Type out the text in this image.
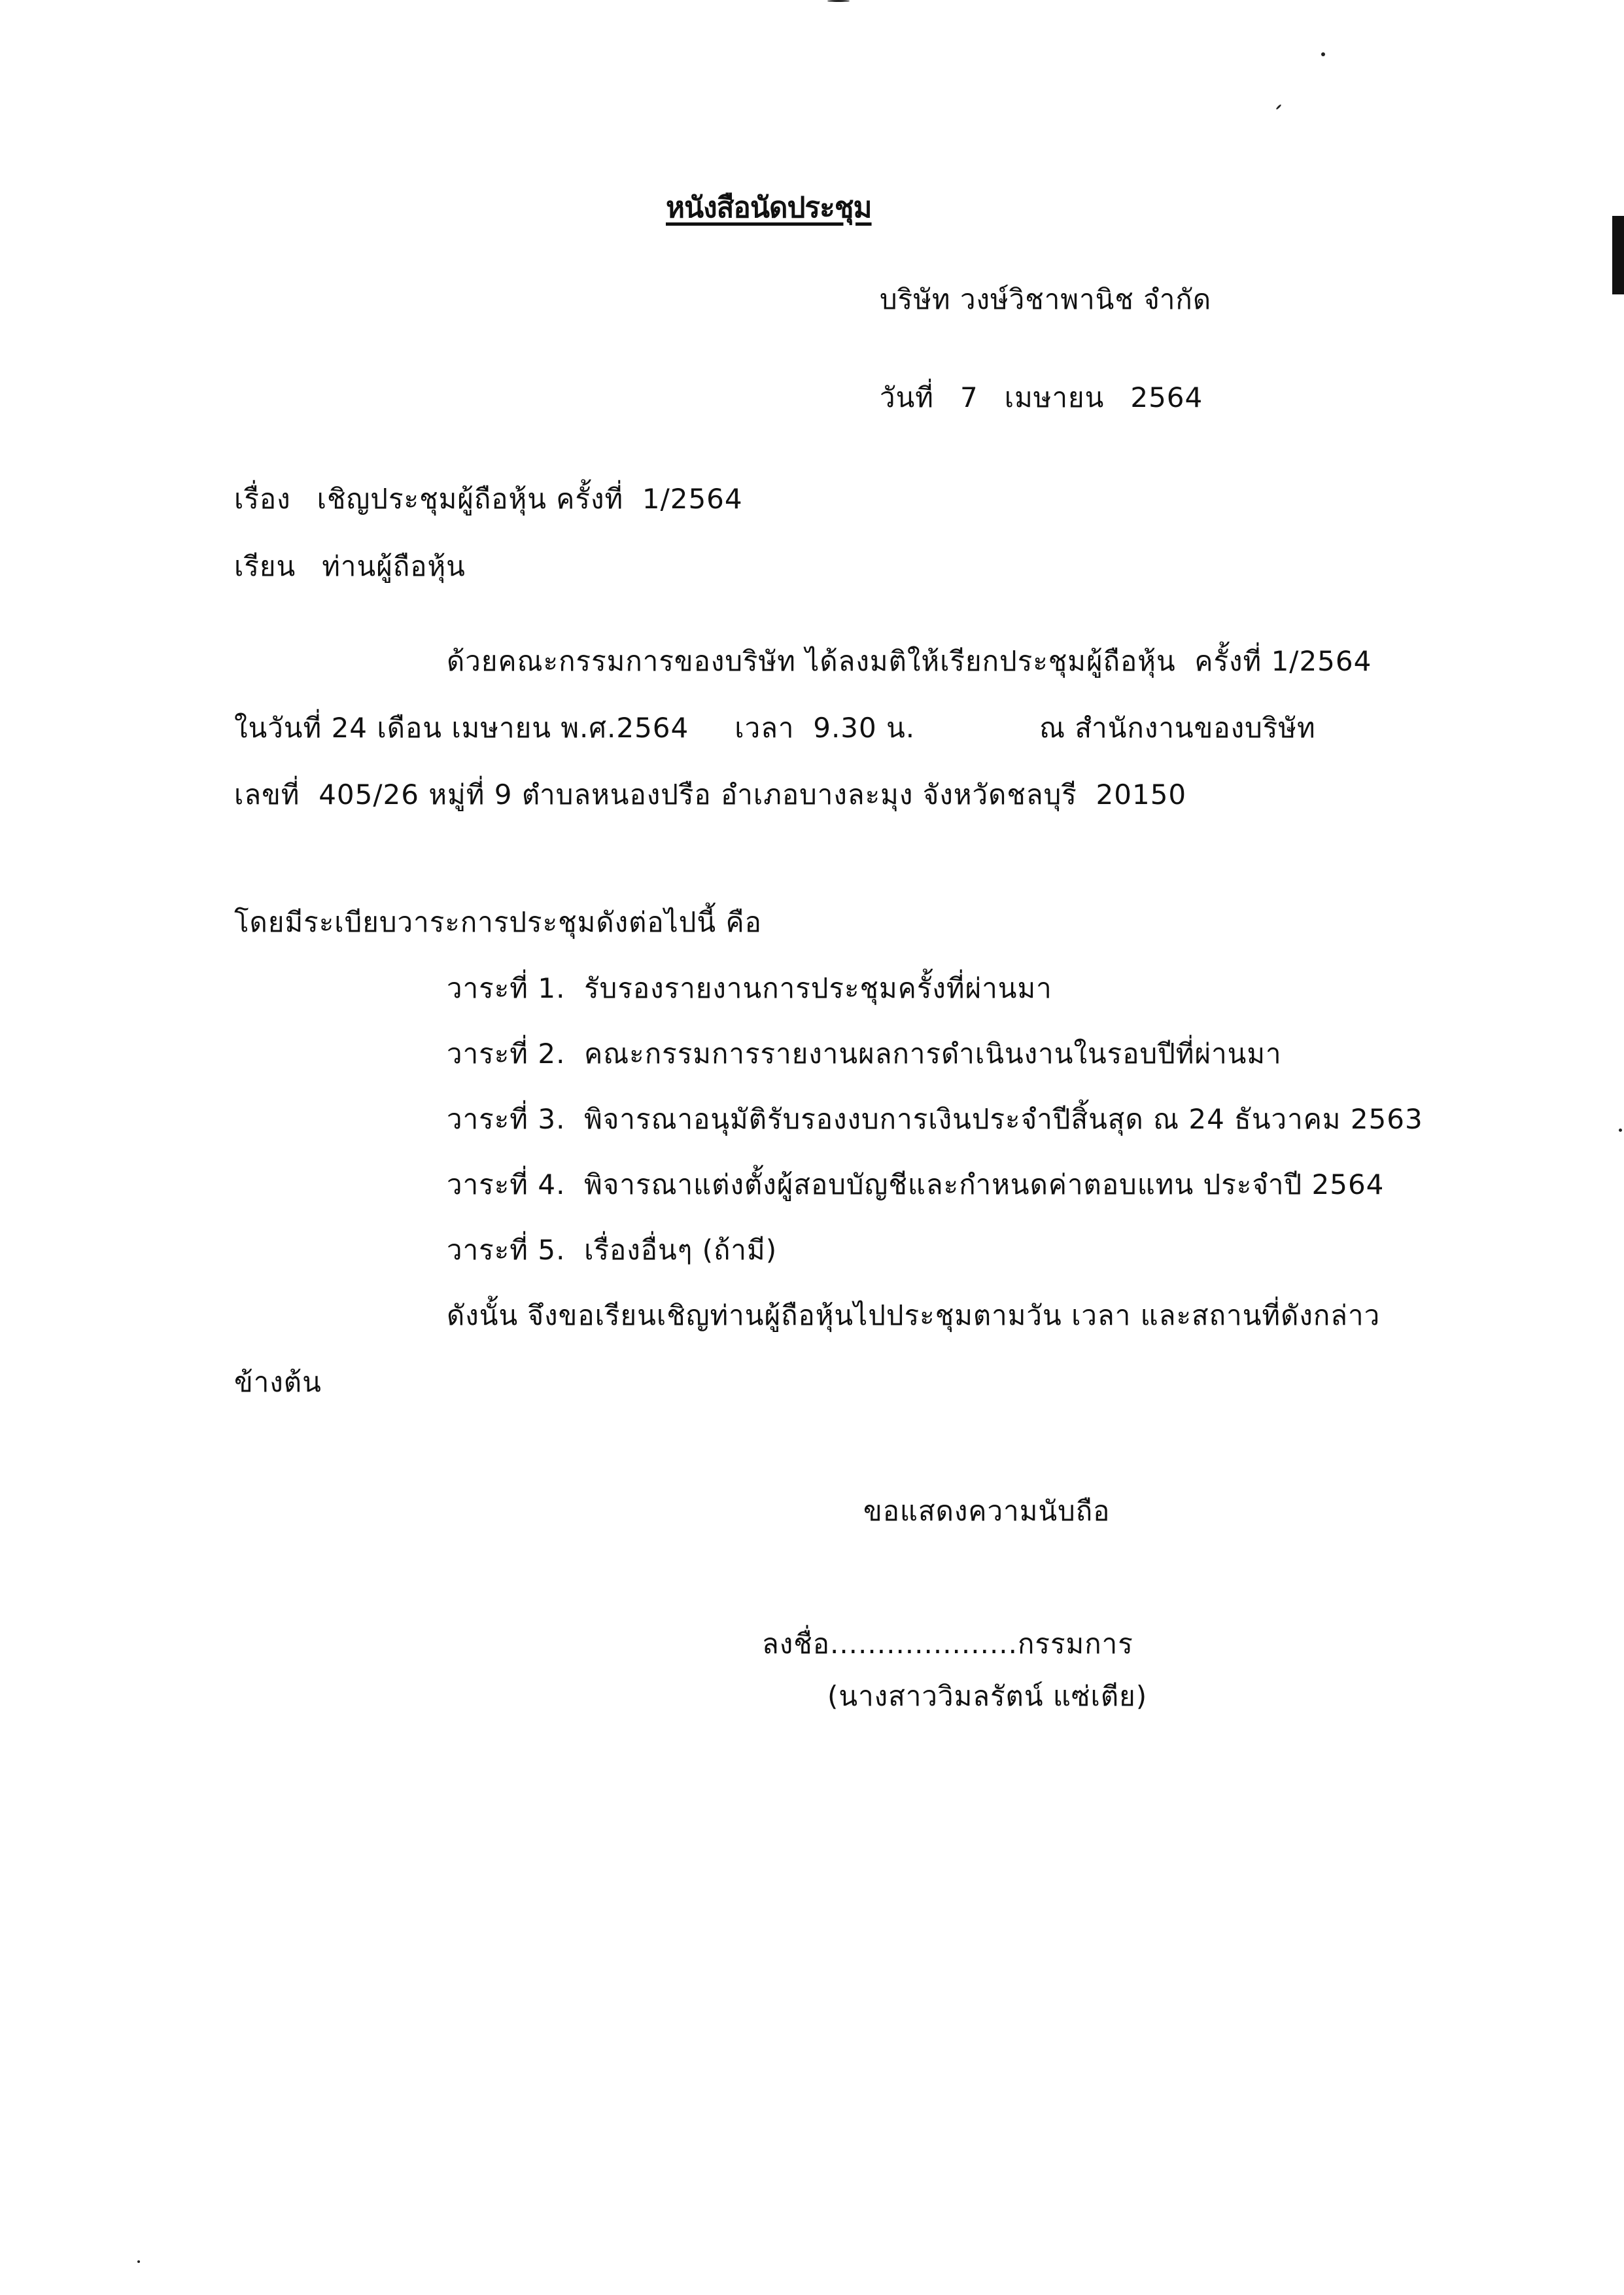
หนังสือนัดประชุม
บริษัท วงษ์วิชาพานิช จำกัด
วันที่ 7 เมษายน 2564
เรื่อง เชิญประชุมผู้ถือหุ้น ครั้งที่ 1/2564
เรียน ท่านผู้ถือหุ้น
ด้วยคณะกรรมการของบริษัท ได้ลงมติให้เรียกประชุมผู้ถือหุ้น ครั้งที่ 1/2564
ในวันที่ 24 เดือน เมษายน พ.ศ.2564 เวลา 9.30 น.	ณ สำนักงานของบริษัท
เลขที่ 405/26 หมู่ที่ 9 ตำบลหนองปรือ อำเภอบางละมุง จังหวัดชลบุรี 20150
โดยมีระเบียบวาระการประชุมดังต่อไปนี้ คือ
วาระที่ 1. รับรองรายงานการประชุมครั้งที่ผ่านมา
วาระที่ 2. คณะกรรมการรายงานผลการดำเนินงานในรอบปีที่ผ่านมา
วาระที่ 3. พิจารณาอนุมัติรับรองงบการเงินประจำปีสิ้นสุด ณ 24 ธันวาคม 2563
วาระที่ 4. พิจารณาแต่งตั้งผู้สอบบัญชีและกำหนดค่าตอบแทน ประจำปี 2564
วาระที่ 5. เรื่องอื่นๆ (ถ้ามี)
ดังนั้น จึงขอเรียนเชิญท่านผู้ถือหุ้นไปประชุมตามวัน เวลา และสถานที่ดังกล่าว
ข้างต้น
ขอแสดงความนับถือ
ลงชื่อ....................กรรมการ
(นางสาววิมลรัตน์ แซ่เตีย)
